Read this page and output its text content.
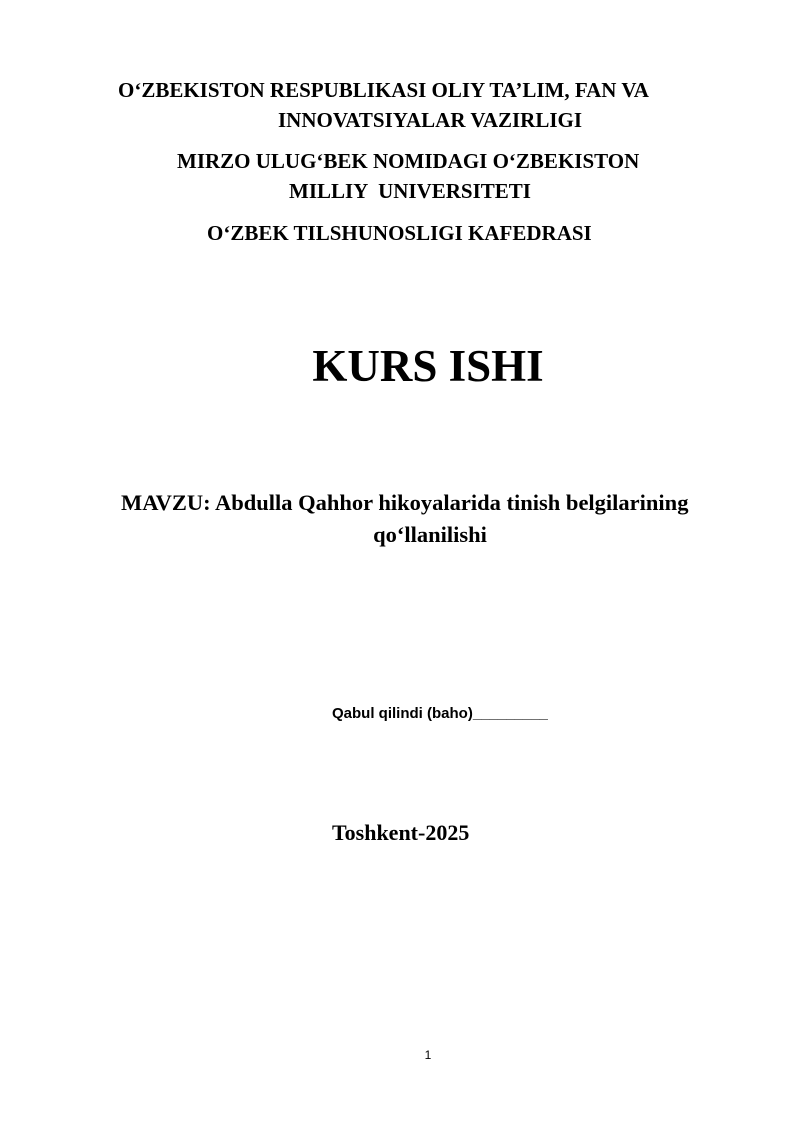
O‘ZBEKISTON RESPUBLIKASI OLIY TA’LIM, FAN VA

INNOVATSIYALAR VAZIRLIGI

MIRZO ULUG‘BEK NOMIDAGI O‘ZBEKISTON

MILLIY  UNIVERSITETI

O‘ZBEK TILSHUNOSLIGI KAFEDRASI

KURS ISHI

MAVZU: Abdulla Qahhor hikoyalarida tinish belgilarining

qo‘llanilishi

Qabul qilindi (baho)_________

Toshkent-2025

1
